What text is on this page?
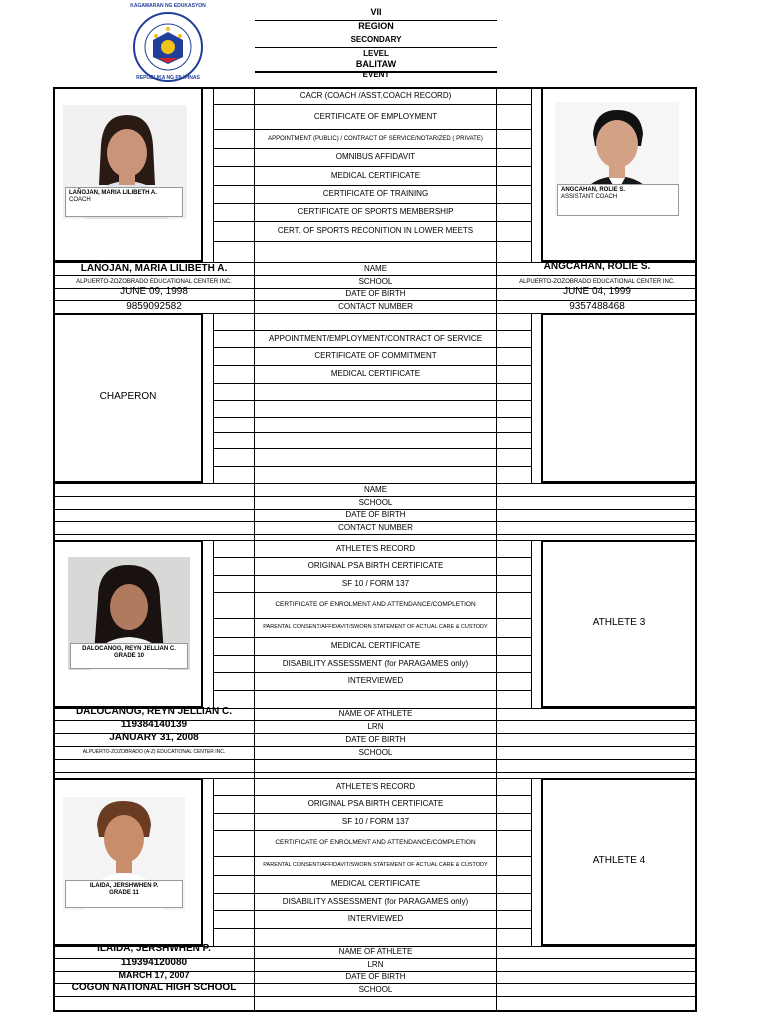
KAGAWARAN NG EDUKASYON
REPUBLIKA NG PILIPINAS
VII
REGION
SECONDARY
LEVEL
BALITAW
EVENT
CACR (COACH /ASST.COACH RECORD)
CERTIFICATE OF EMPLOYMENT
APPOINTMENT (PUBLIC) / CONTRACT OF SERVICE/NOTARIZED ( PRIVATE)
OMNIBUS AFFIDAVIT
MEDICAL CERTIFICATE
CERTIFICATE OF TRAINING
CERTIFICATE OF SPORTS MEMBERSHIP
CERT. OF SPORTS RECONITION IN LOWER MEETS
LAÑOJAN, MARIA LILIBETH A.
COACH
ANGCAHAN, ROLIE S.
ASSISTANT COACH
NAME
SCHOOL
DATE OF BIRTH
CONTACT NUMBER
LAÑOJAN, MARIA LILIBETH A.
ALPUERTO-ZOZOBRADO EDUCATIONAL CENTER INC.
JUNE 09, 1998
9859092582
ANGCAHAN, ROLIE S.
ALPUERTO-ZOZOBRADO EDUCATIONAL CENTER INC.
JUNE 04, 1999
9357488468
CHAPERON
APPOINTMENT/EMPLOYMENT/CONTRACT OF SERVICE
CERTIFICATE OF COMMITMENT
MEDICAL CERTIFICATE
NAME
SCHOOL
DATE OF BIRTH
CONTACT NUMBER
ATHLETE'S RECORD
ORIGINAL PSA BIRTH CERTIFICATE
SF 10 / FORM 137
CERTIFICATE OF ENROLMENT AND ATTENDANCE/COMPLETION
PARENTAL CONSENT/AFFIDAVIT/SWORN STATEMENT OF ACTUAL CARE & CUSTODY
MEDICAL CERTIFICATE
DISABILITY ASSESSMENT (for PARAGAMES only)
INTERVIEWED
ATHLETE 3
DALOCANOG, REYN JELLIAN C.
GRADE 10
NAME OF ATHLETE
LRN
DATE OF BIRTH
SCHOOL
DALOCANOG, REYN JELLIAN C.
119384140139
JANUARY 31, 2008
ALPUERTO-ZOZOBRADO (A-Z) EDUCATIONAL CENTER INC.
ATHLETE'S RECORD
ORIGINAL PSA BIRTH CERTIFICATE
SF 10 / FORM 137
CERTIFICATE OF ENROLMENT AND ATTENDANCE/COMPLETION
PARENTAL CONSENT/AFFIDAVIT/SWORN STATEMENT OF ACTUAL CARE & CUSTODY
MEDICAL CERTIFICATE
DISABILITY ASSESSMENT (for PARAGAMES only)
INTERVIEWED
ATHLETE 4
ILAIDA, JERSHWHEN P.
GRADE 11
NAME OF ATHLETE
LRN
DATE OF BIRTH
SCHOOL
ILAIDA, JERSHWHEN P.
119394120080
MARCH 17, 2007
COGON NATIONAL HIGH SCHOOL
